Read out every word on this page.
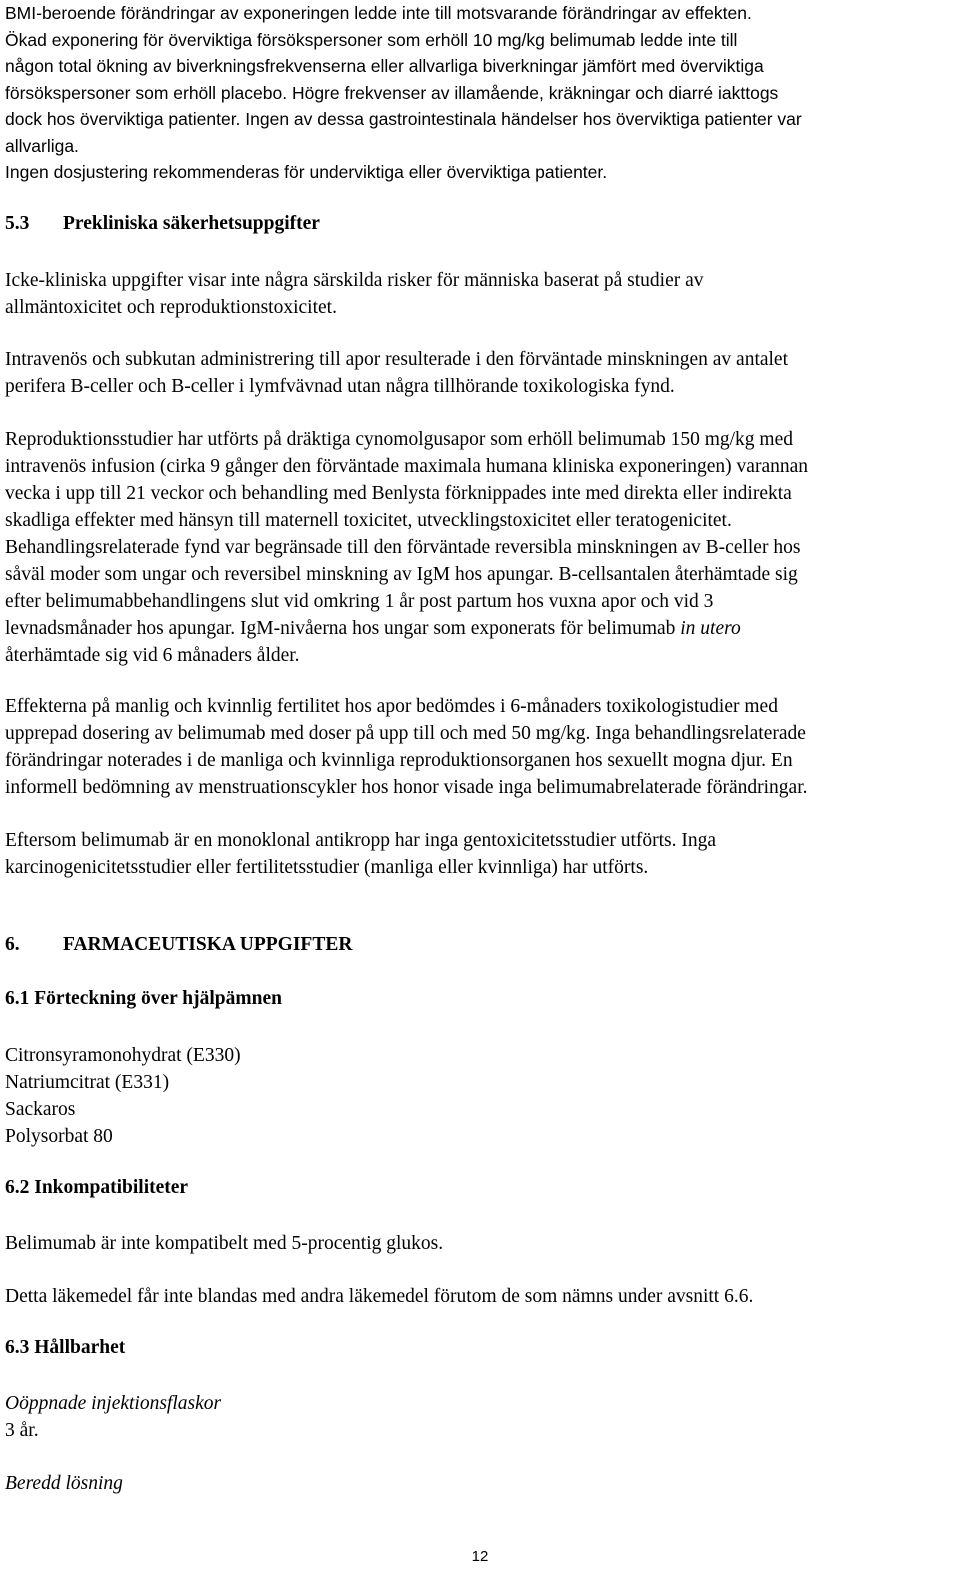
BMI-beroende förändringar av exponeringen ledde inte till motsvarande förändringar av effekten.
Ökad exponering för överviktiga försökspersoner som erhöll 10 mg/kg belimumab ledde inte till
någon total ökning av biverkningsfrekvenserna eller allvarliga biverkningar jämfört med överviktiga
försökspersoner som erhöll placebo. Högre frekvenser av illamående, kräkningar och diarré iakttogs
dock hos överviktiga patienter. Ingen av dessa gastrointestinala händelser hos överviktiga patienter var
allvarliga.
Ingen dosjustering rekommenderas för underviktiga eller överviktiga patienter.
5.3 Prekliniska säkerhetsuppgifter
Icke-kliniska uppgifter visar inte några särskilda risker för människa baserat på studier av
allmäntoxicitet och reproduktionstoxicitet.
Intravenös och subkutan administrering till apor resulterade i den förväntade minskningen av antalet
perifera B-celler och B-celler i lymfvävnad utan några tillhörande toxikologiska fynd.
Reproduktionsstudier har utförts på dräktiga cynomolgusapor som erhöll belimumab 150 mg/kg med
intravenös infusion (cirka 9 gånger den förväntade maximala humana kliniska exponeringen) varannan
vecka i upp till 21 veckor och behandling med Benlysta förknippades inte med direkta eller indirekta
skadliga effekter med hänsyn till maternell toxicitet, utvecklingstoxicitet eller teratogenicitet.
Behandlingsrelaterade fynd var begränsade till den förväntade reversibla minskningen av B-celler hos
såväl moder som ungar och reversibel minskning av IgM hos apungar. B-cellsantalen återhämtade sig
efter belimumabbehandlingens slut vid omkring 1 år post partum hos vuxna apor och vid 3
levnadsmånader hos apungar. IgM-nivåerna hos ungar som exponerats för belimumab in utero
återhämtade sig vid 6 månaders ålder.
Effekterna på manlig och kvinnlig fertilitet hos apor bedömdes i 6-månaders toxikologistudier med
upprepad dosering av belimumab med doser på upp till och med 50 mg/kg. Inga behandlingsrelaterade
förändringar noterades i de manliga och kvinnliga reproduktionsorganen hos sexuellt mogna djur. En
informell bedömning av menstruationscykler hos honor visade inga belimumabrelaterade förändringar.
Eftersom belimumab är en monoklonal antikropp har inga gentoxicitetsstudier utförts. Inga
karcinogenicitetsstudier eller fertilitetsstudier (manliga eller kvinnliga) har utförts.
6. FARMACEUTISKA UPPGIFTER
6.1 Förteckning över hjälpämnen
Citronsyramonohydrat (E330)
Natriumcitrat (E331)
Sackaros
Polysorbat 80
6.2 Inkompatibiliteter
Belimumab är inte kompatibelt med 5-procentig glukos.
Detta läkemedel får inte blandas med andra läkemedel förutom de som nämns under avsnitt 6.6.
6.3 Hållbarhet
Oöppnade injektionsflaskor
3 år.
Beredd lösning
12
